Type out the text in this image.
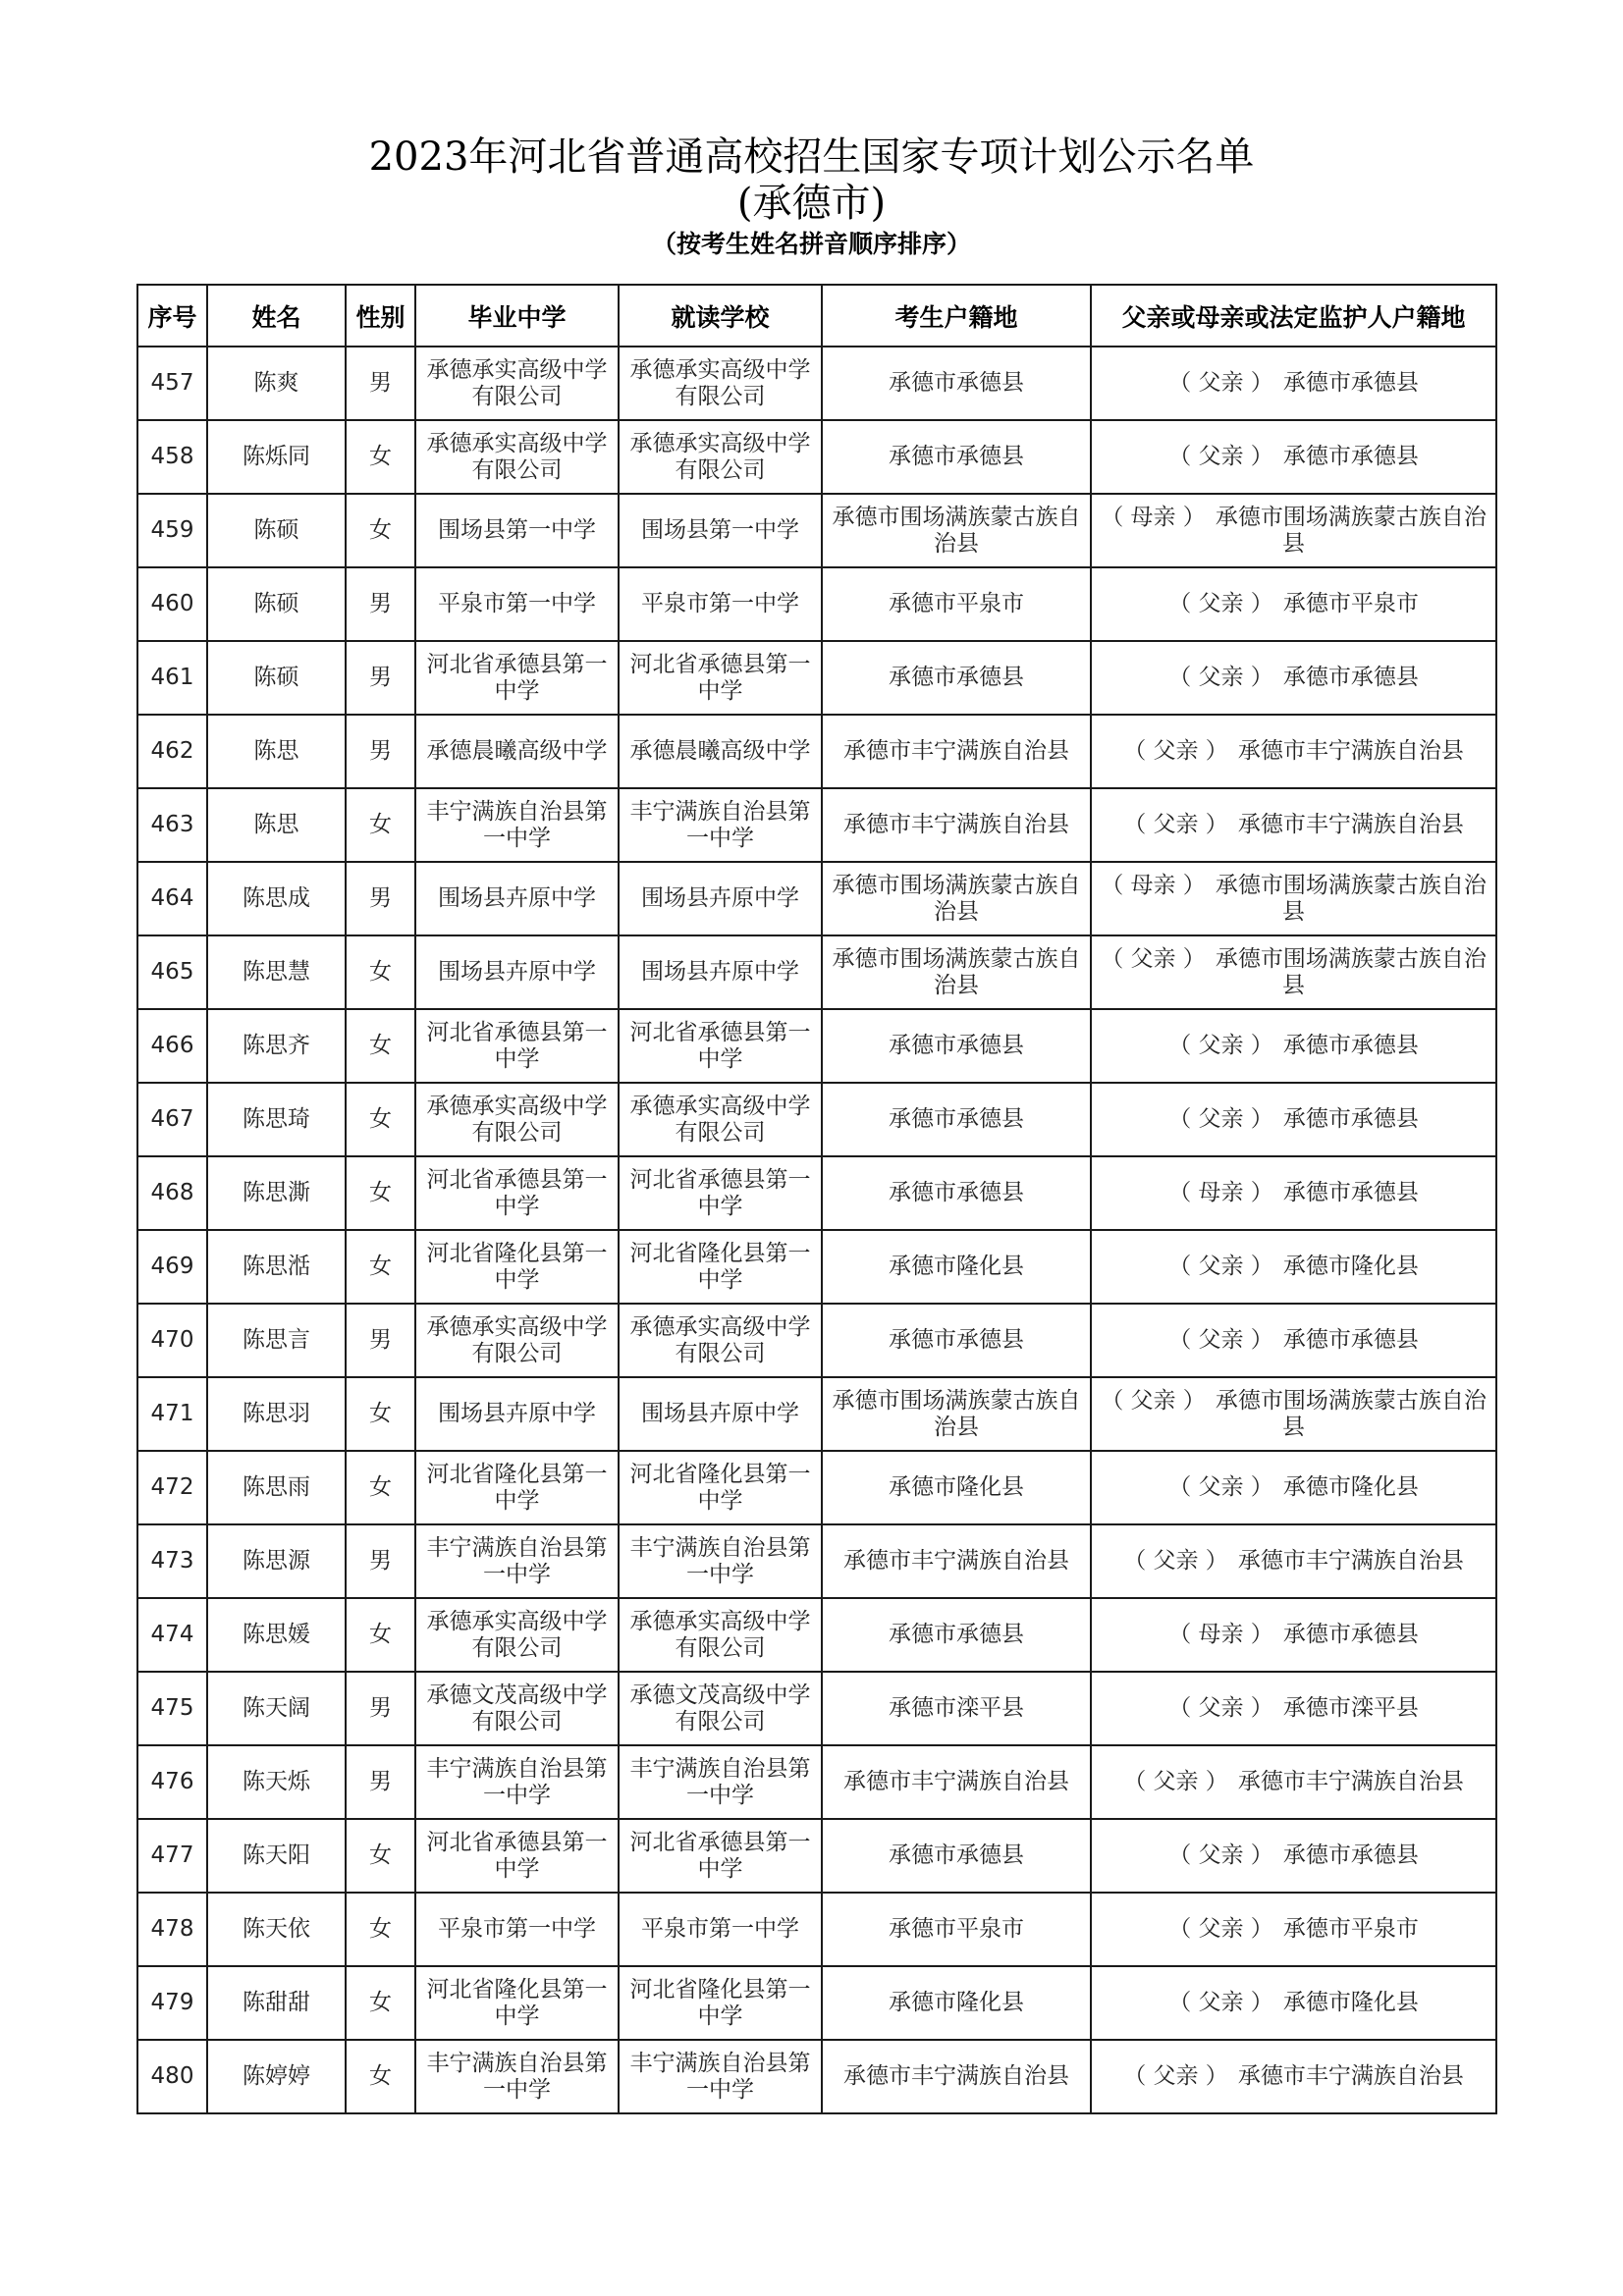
2023年河北省普通高校招生国家专项计划公示名单
(承德市)
（按考生姓名拼音顺序排序）
序号	姓名	性别	毕业中学	就读学校	考生户籍地	父亲或母亲或法定监护人户籍地
457	陈爽	男	承德承实高级中学有限公司	承德承实高级中学有限公司	承德市承德县	（ 父亲 ） 承德市承德县
458	陈烁同	女	承德承实高级中学有限公司	承德承实高级中学有限公司	承德市承德县	（ 父亲 ） 承德市承德县
459	陈硕	女	围场县第一中学	围场县第一中学	承德市围场满族蒙古族自治县	（ 母亲 ） 承德市围场满族蒙古族自治县
460	陈硕	男	平泉市第一中学	平泉市第一中学	承德市平泉市	（ 父亲 ） 承德市平泉市
461	陈硕	男	河北省承德县第一中学	河北省承德县第一中学	承德市承德县	（ 父亲 ） 承德市承德县
462	陈思	男	承德晨曦高级中学	承德晨曦高级中学	承德市丰宁满族自治县	（ 父亲 ） 承德市丰宁满族自治县
463	陈思	女	丰宁满族自治县第一中学	丰宁满族自治县第一中学	承德市丰宁满族自治县	（ 父亲 ） 承德市丰宁满族自治县
464	陈思成	男	围场县卉原中学	围场县卉原中学	承德市围场满族蒙古族自治县	（ 母亲 ） 承德市围场满族蒙古族自治县
465	陈思慧	女	围场县卉原中学	围场县卉原中学	承德市围场满族蒙古族自治县	（ 父亲 ） 承德市围场满族蒙古族自治县
466	陈思齐	女	河北省承德县第一中学	河北省承德县第一中学	承德市承德县	（ 父亲 ） 承德市承德县
467	陈思琦	女	承德承实高级中学有限公司	承德承实高级中学有限公司	承德市承德县	（ 父亲 ） 承德市承德县
468	陈思澌	女	河北省承德县第一中学	河北省承德县第一中学	承德市承德县	（ 母亲 ） 承德市承德县
469	陈思湉	女	河北省隆化县第一中学	河北省隆化县第一中学	承德市隆化县	（ 父亲 ） 承德市隆化县
470	陈思言	男	承德承实高级中学有限公司	承德承实高级中学有限公司	承德市承德县	（ 父亲 ） 承德市承德县
471	陈思羽	女	围场县卉原中学	围场县卉原中学	承德市围场满族蒙古族自治县	（ 父亲 ） 承德市围场满族蒙古族自治县
472	陈思雨	女	河北省隆化县第一中学	河北省隆化县第一中学	承德市隆化县	（ 父亲 ） 承德市隆化县
473	陈思源	男	丰宁满族自治县第一中学	丰宁满族自治县第一中学	承德市丰宁满族自治县	（ 父亲 ） 承德市丰宁满族自治县
474	陈思媛	女	承德承实高级中学有限公司	承德承实高级中学有限公司	承德市承德县	（ 母亲 ） 承德市承德县
475	陈天阔	男	承德文茂高级中学有限公司	承德文茂高级中学有限公司	承德市滦平县	（ 父亲 ） 承德市滦平县
476	陈天烁	男	丰宁满族自治县第一中学	丰宁满族自治县第一中学	承德市丰宁满族自治县	（ 父亲 ） 承德市丰宁满族自治县
477	陈天阳	女	河北省承德县第一中学	河北省承德县第一中学	承德市承德县	（ 父亲 ） 承德市承德县
478	陈天依	女	平泉市第一中学	平泉市第一中学	承德市平泉市	（ 父亲 ） 承德市平泉市
479	陈甜甜	女	河北省隆化县第一中学	河北省隆化县第一中学	承德市隆化县	（ 父亲 ） 承德市隆化县
480	陈婷婷	女	丰宁满族自治县第一中学	丰宁满族自治县第一中学	承德市丰宁满族自治县	（ 父亲 ） 承德市丰宁满族自治县
